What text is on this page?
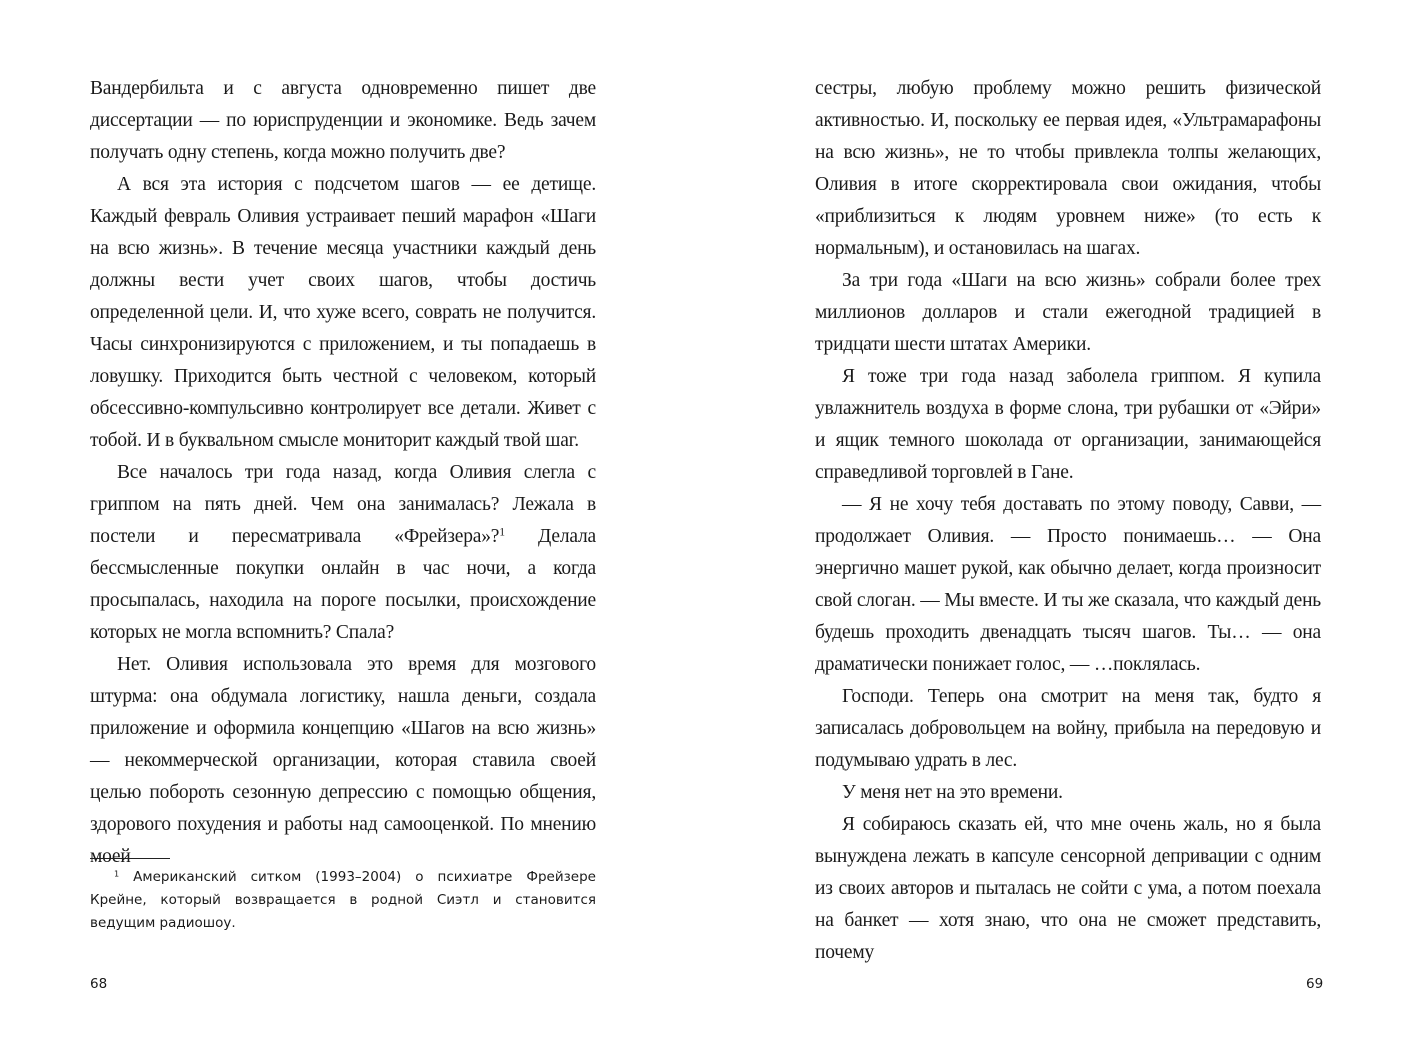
Вандербильта и с августа одновременно пишет две диссертации — по юриспруденции и экономике. Ведь зачем получать одну степень, когда можно получить две?

А вся эта история с подсчетом шагов — ее детище. Каждый февраль Оливия устраивает пеший марафон «Шаги на всю жизнь». В течение месяца участники каждый день должны вести учет своих шагов, чтобы достичь определенной цели. И, что хуже всего, соврать не получится. Часы синхронизируются с приложением, и ты попадаешь в ловушку. Приходится быть честной с человеком, который обсессивно-компульсивно контролирует все детали. Живет с тобой. И в буквальном смысле мониторит каждый твой шаг.

Все началось три года назад, когда Оливия слегла с гриппом на пять дней. Чем она занималась? Лежала в постели и пересматривала «Фрейзера»?$^1$ Делала бессмысленные покупки онлайн в час ночи, а когда просыпалась, находила на пороге посылки, происхождение которых не могла вспомнить? Спала?

Нет. Оливия использовала это время для мозгового штурма: она обдумала логистику, нашла деньги, создала приложение и оформила концепцию «Шагов на всю жизнь» — некоммерческой организации, которая ставила своей целью побороть сезонную депрессию с помощью общения, здорового похудения и работы над самооценкой. По мнению моей

$^1$ Американский ситком (1993–2004) о психиатре Фрейзере Крейне, который возвращается в родной Сиэтл и становится ведущим радиошоу.
68

сестры, любую проблему можно решить физической активностью. И, поскольку ее первая идея, «Ультрамарафоны на всю жизнь», не то чтобы привлекла толпы желающих, Оливия в итоге скорректировала свои ожидания, чтобы «приблизиться к людям уровнем ниже» (то есть к нормальным), и остановилась на шагах.

За три года «Шаги на всю жизнь» собрали более трех миллионов долларов и стали ежегодной традицией в тридцати шести штатах Америки.

Я тоже три года назад заболела гриппом. Я купила увлажнитель воздуха в форме слона, три рубашки от «Эйри» и ящик темного шоколада от организации, занимающейся справедливой торговлей в Гане.

— Я не хочу тебя доставать по этому поводу, Савви, — продолжает Оливия. — Просто понимаешь… — Она энергично машет рукой, как обычно делает, когда произносит свой слоган. — Мы вместе. И ты же сказала, что каждый день будешь проходить двенадцать тысяч шагов. Ты… — она драматически понижает голос, — …поклялась.

Господи. Теперь она смотрит на меня так, будто я записалась добровольцем на войну, прибыла на передовую и подумываю удрать в лес.

У меня нет на это времени.

Я собираюсь сказать ей, что мне очень жаль, но я была вынуждена лежать в капсуле сенсорной депривации с одним из своих авторов и пыталась не сойти с ума, а потом поехала на банкет — хотя знаю, что она не сможет представить, почему

69
